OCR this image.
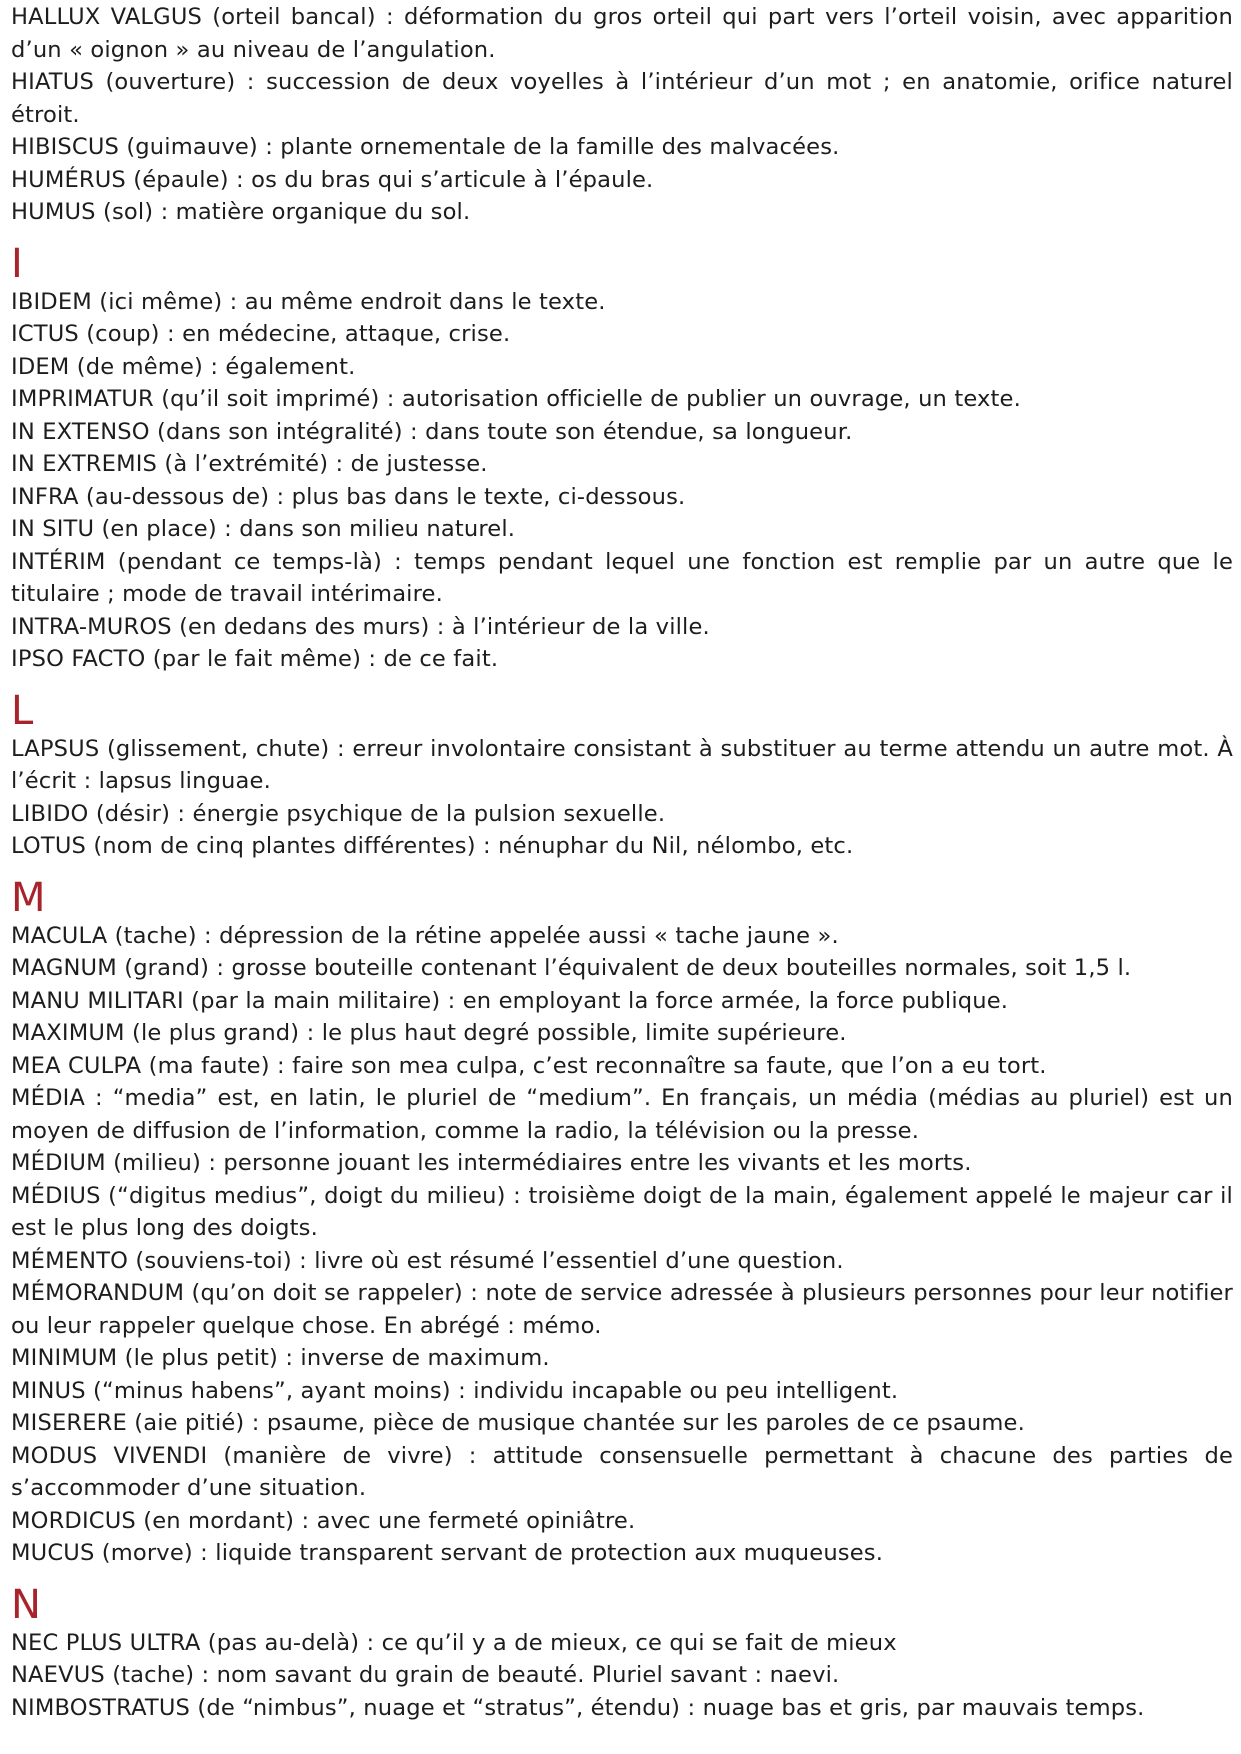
HALLUX VALGUS (orteil bancal) : déformation du gros orteil qui part vers l’orteil voisin, avec apparition d’un « oignon » au niveau de l’angulation.

HIATUS (ouverture) : succession de deux voyelles à l’intérieur d’un mot ; en anatomie, orifice naturel étroit.

HIBISCUS (guimauve) : plante ornementale de la famille des malvacées.

HUMÉRUS (épaule) : os du bras qui s’articule à l’épaule.

HUMUS (sol) : matière organique du sol.

I

IBIDEM (ici même) : au même endroit dans le texte.

ICTUS (coup) : en médecine, attaque, crise.

IDEM (de même) : également.

IMPRIMATUR (qu’il soit imprimé) : autorisation officielle de publier un ouvrage, un texte.

IN EXTENSO (dans son intégralité) : dans toute son étendue, sa longueur.

IN EXTREMIS (à l’extrémité) : de justesse.

INFRA (au-dessous de) : plus bas dans le texte, ci-dessous.

IN SITU (en place) : dans son milieu naturel.

INTÉRIM (pendant ce temps-là) : temps pendant lequel une fonction est remplie par un autre que le titulaire ; mode de travail intérimaire.

INTRA-MUROS (en dedans des murs) : à l’intérieur de la ville.

IPSO FACTO (par le fait même) : de ce fait.

L

LAPSUS (glissement, chute) : erreur involontaire consistant à substituer au terme attendu un autre mot. À l’écrit : lapsus linguae.

LIBIDO (désir) : énergie psychique de la pulsion sexuelle.

LOTUS (nom de cinq plantes différentes) : nénuphar du Nil, nélombo, etc.

M

MACULA (tache) : dépression de la rétine appelée aussi « tache jaune ».

MAGNUM (grand) : grosse bouteille contenant l’équivalent de deux bouteilles normales, soit 1,5 l.

MANU MILITARI (par la main militaire) : en employant la force armée, la force publique.

MAXIMUM (le plus grand) : le plus haut degré possible, limite supérieure.

MEA CULPA (ma faute) : faire son mea culpa, c’est reconnaître sa faute, que l’on a eu tort.

MÉDIA : “media” est, en latin, le pluriel de “medium”. En français, un média (médias au pluriel) est un moyen de diffusion de l’information, comme la radio, la télévision ou la presse.

MÉDIUM (milieu) : personne jouant les intermédiaires entre les vivants et les morts.

MÉDIUS (“digitus medius”, doigt du milieu) : troisième doigt de la main, également appelé le majeur car il est le plus long des doigts.

MÉMENTO (souviens-toi) : livre où est résumé l’essentiel d’une question.

MÉMORANDUM (qu’on doit se rappeler) : note de service adressée à plusieurs personnes pour leur notifier ou leur rappeler quelque chose. En abrégé : mémo.

MINIMUM (le plus petit) : inverse de maximum.

MINUS (“minus habens”, ayant moins) : individu incapable ou peu intelligent.

MISERERE (aie pitié) : psaume, pièce de musique chantée sur les paroles de ce psaume.

MODUS VIVENDI (manière de vivre) : attitude consensuelle permettant à chacune des parties de s’accommoder d’une situation.

MORDICUS (en mordant) : avec une fermeté opiniâtre.

MUCUS (morve) : liquide transparent servant de protection aux muqueuses.

N

NEC PLUS ULTRA (pas au-delà) : ce qu’il y a de mieux, ce qui se fait de mieux

NAEVUS (tache) : nom savant du grain de beauté. Pluriel savant : naevi.

NIMBOSTRATUS (de “nimbus”, nuage et “stratus”, étendu) : nuage bas et gris, par mauvais temps.
